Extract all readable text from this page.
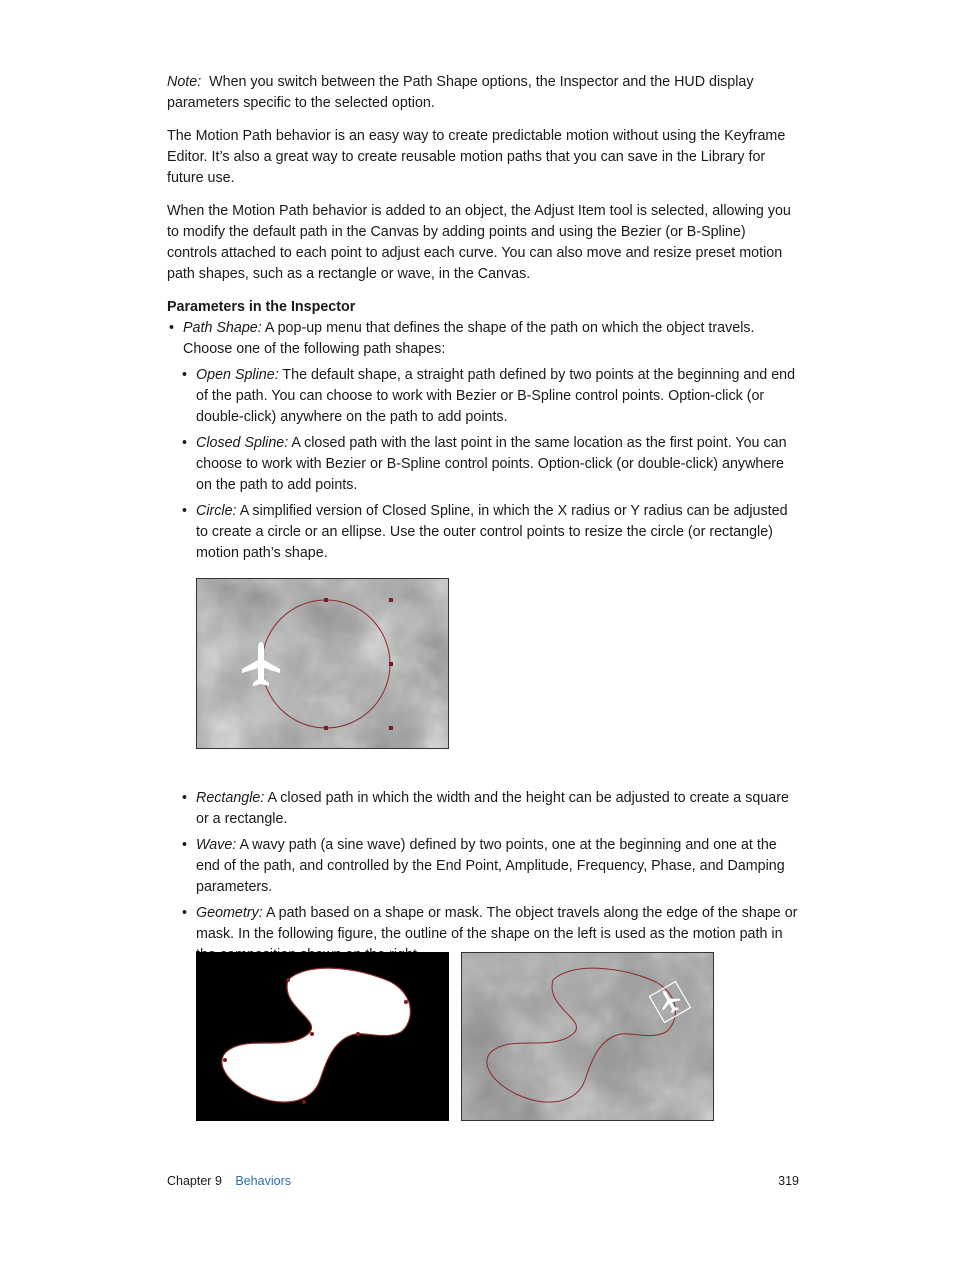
Note: When you switch between the Path Shape options, the Inspector and the HUD display parameters specific to the selected option.

The Motion Path behavior is an easy way to create predictable motion without using the Keyframe Editor. It’s also a great way to create reusable motion paths that you can save in the Library for future use.

When the Motion Path behavior is added to an object, the Adjust Item tool is selected, allowing you to modify the default path in the Canvas by adding points and using the Bezier (or B-Spline) controls attached to each point to adjust each curve. You can also move and resize preset motion path shapes, such as a rectangle or wave, in the Canvas.

Parameters in the Inspector

• Path Shape: A pop-up menu that defines the shape of the path on which the object travels. Choose one of the following path shapes:
• Open Spline: The default shape, a straight path defined by two points at the beginning and end of the path. You can choose to work with Bezier or B-Spline control points. Option-click (or double-click) anywhere on the path to add points.
• Closed Spline: A closed path with the last point in the same location as the first point. You can choose to work with Bezier or B-Spline control points. Option-click (or double-click) anywhere on the path to add points.
• Circle: A simplified version of Closed Spline, in which the X radius or Y radius can be adjusted to create a circle or an ellipse. Use the outer control points to resize the circle (or rectangle) motion path’s shape.
• Rectangle: A closed path in which the width and the height can be adjusted to create a square or a rectangle.
• Wave: A wavy path (a sine wave) defined by two points, one at the beginning and one at the end of the path, and controlled by the End Point, Amplitude, Frequency, Phase, and Damping parameters.
• Geometry: A path based on a shape or mask. The object travels along the edge of the shape or mask. In the following figure, the outline of the shape on the left is used as the motion path in
Chapter 9 Behaviors	319
